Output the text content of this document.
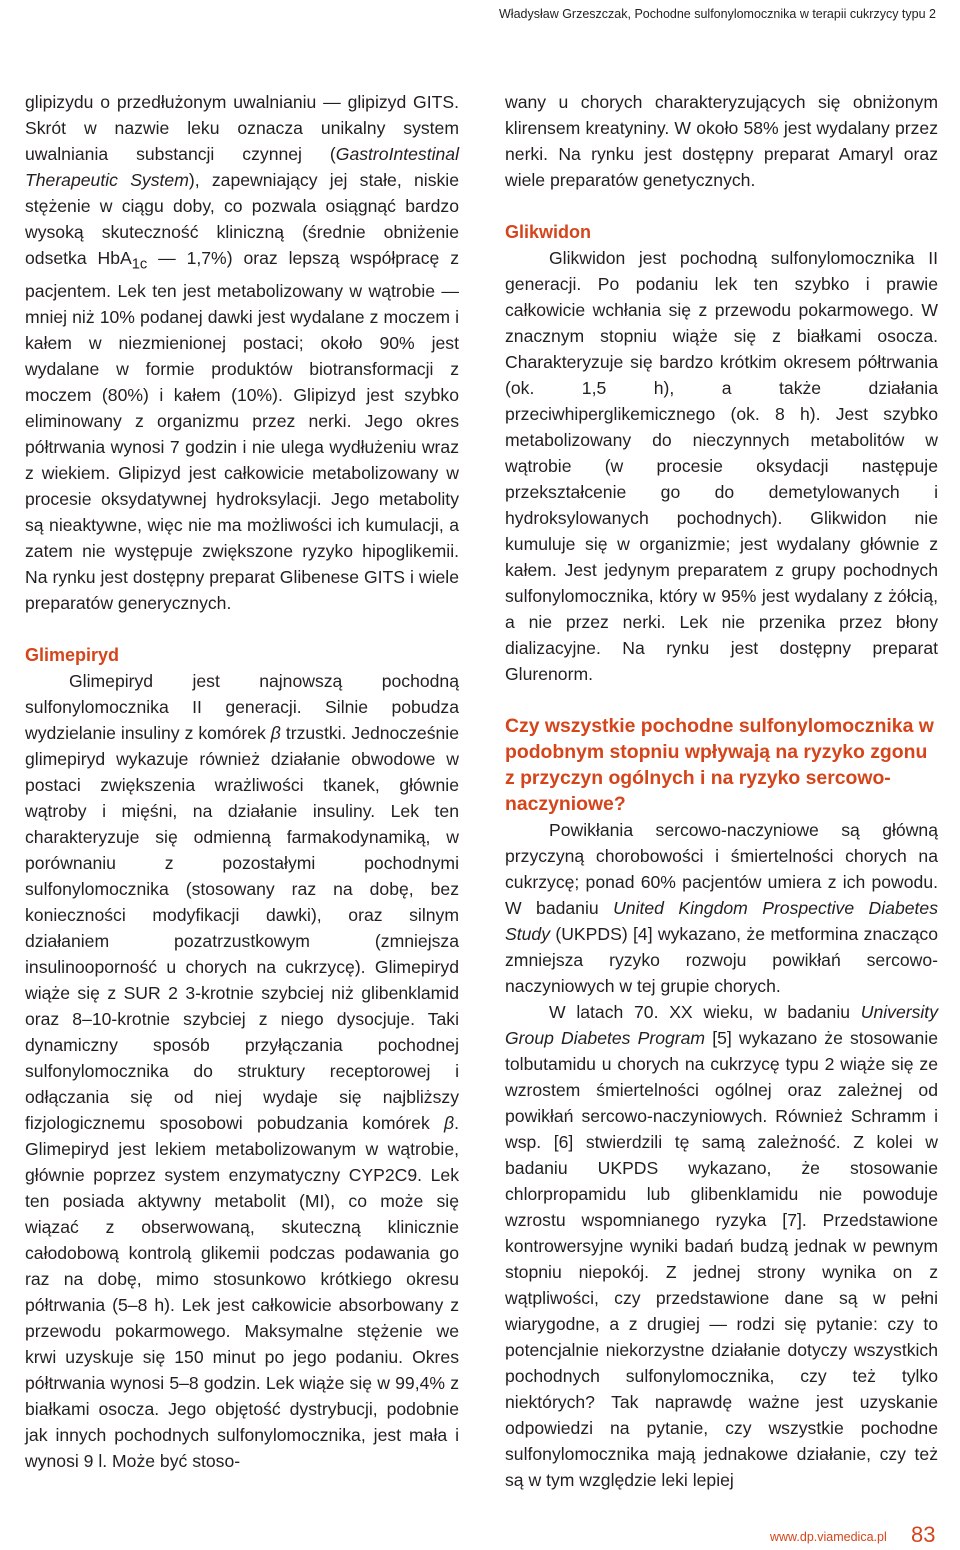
Władysław Grzeszczak, Pochodne sulfonylomocznika w terapii cukrzycy typu 2

glipizydu o przedłużonym uwalnianiu — glipizyd GITS. Skrót w nazwie leku oznacza unikalny system uwalniania substancji czynnej (GastroIntestinal Therapeutic System), zapewniający jej stałe, niskie stężenie w ciągu doby, co pozwala osiągnąć bardzo wysoką skuteczność kliniczną (średnie obniżenie odsetka HbA$_{1c}$ — 1,7%) oraz lepszą współpracę z pacjentem. Lek ten jest metabolizowany w wątrobie — mniej niż 10% podanej dawki jest wydalane z moczem i kałem w niezmienionej postaci; około 90% jest wydalane w formie produktów biotransformacji z moczem (80%) i kałem (10%). Glipizyd jest szybko eliminowany z organizmu przez nerki. Jego okres półtrwania wynosi 7 godzin i nie ulega wydłużeniu wraz z wiekiem. Glipizyd jest całkowicie metabolizowany w procesie oksydatywnej hydroksylacji. Jego metabolity są nieaktywne, więc nie ma możliwości ich kumulacji, a zatem nie występuje zwiększone ryzyko hipoglikemii. Na rynku jest dostępny preparat Glibenese GITS i wiele preparatów generycznych.

Glimepiryd

Glimepiryd jest najnowszą pochodną sulfonylomocznika II generacji. Silnie pobudza wydzielanie insuliny z komórek β trzustki. Jednocześnie glimepiryd wykazuje również działanie obwodowe w postaci zwiększenia wrażliwości tkanek, głównie wątroby i mięśni, na działanie insuliny. Lek ten charakteryzuje się odmienną farmakodynamiką, w porównaniu z pozostałymi pochodnymi sulfonylomocznika (stosowany raz na dobę, bez konieczności modyfikacji dawki), oraz silnym działaniem pozatrzustkowym (zmniejsza insulinooporność u chorych na cukrzycę). Glimepiryd wiąże się z SUR 2 3-krotnie szybciej niż glibenklamid oraz 8–10-krotnie szybciej z niego dysocjuje. Taki dynamiczny sposób przyłączania pochodnej sulfonylomocznika do struktury receptorowej i odłączania się od niej wydaje się najbliższy fizjologicznemu sposobowi pobudzania komórek β. Glimepiryd jest lekiem metabolizowanym w wątrobie, głównie poprzez system enzymatyczny CYP2C9. Lek ten posiada aktywny metabolit (MI), co może się wiązać z obserwowaną, skuteczną klinicznie całodobową kontrolą glikemii podczas podawania go raz na dobę, mimo stosunkowo krótkiego okresu półtrwania (5–8 h). Lek jest całkowicie absorbowany z przewodu pokarmowego. Maksymalne stężenie we krwi uzyskuje się 150 minut po jego podaniu. Okres półtrwania wynosi 5–8 godzin. Lek wiąże się w 99,4% z białkami osocza. Jego objętość dystrybucji, podobnie jak innych pochodnych sulfonylomocznika, jest mała i wynosi 9 l. Może być stoso-

wany u chorych charakteryzujących się obniżonym klirensem kreatyniny. W około 58% jest wydalany przez nerki. Na rynku jest dostępny preparat Amaryl oraz wiele preparatów genetycznych.

Glikwidon

Glikwidon jest pochodną sulfonylomocznika II generacji. Po podaniu lek ten szybko i prawie całkowicie wchłania się z przewodu pokarmowego. W znacznym stopniu wiąże się z białkami osocza. Charakteryzuje się bardzo krótkim okresem półtrwania (ok. 1,5 h), a także działania przeciwhiperglikemicznego (ok. 8 h). Jest szybko metabolizowany do nieczynnych metabolitów w wątrobie (w procesie oksydacji następuje przekształcenie go do demetylowanych i hydroksylowanych pochodnych). Glikwidon nie kumuluje się w organizmie; jest wydalany głównie z kałem. Jest jedynym preparatem z grupy pochodnych sulfonylomocznika, który w 95% jest wydalany z żółcią, a nie przez nerki. Lek nie przenika przez błony dializacyjne. Na rynku jest dostępny preparat Glurenorm.

Czy wszystkie pochodne sulfonylomocznika w podobnym stopniu wpływają na ryzyko zgonu z przyczyn ogólnych i na ryzyko sercowo-naczyniowe?

Powikłania sercowo-naczyniowe są główną przyczyną chorobowości i śmiertelności chorych na cukrzycę; ponad 60% pacjentów umiera z ich powodu. W badaniu United Kingdom Prospective Diabetes Study (UKPDS) [4] wykazano, że metformina znacząco zmniejsza ryzyko rozwoju powikłań sercowo-naczyniowych w tej grupie chorych.

W latach 70. XX wieku, w badaniu University Group Diabetes Program [5] wykazano że stosowanie tolbutamidu u chorych na cukrzycę typu 2 wiąże się ze wzrostem śmiertelności ogólnej oraz zależnej od powikłań sercowo-naczyniowych. Również Schramm i wsp. [6] stwierdzili tę samą zależność. Z kolei w badaniu UKPDS wykazano, że stosowanie chlorpropamidu lub glibenklamidu nie powoduje wzrostu wspomnianego ryzyka [7]. Przedstawione kontrowersyjne wyniki badań budzą jednak w pewnym stopniu niepokój. Z jednej strony wynika on z wątpliwości, czy przedstawione dane są w pełni wiarygodne, a z drugiej — rodzi się pytanie: czy to potencjalnie niekorzystne działanie dotyczy wszystkich pochodnych sulfonylomocznika, czy też tylko niektórych? Tak naprawdę ważne jest uzyskanie odpowiedzi na pytanie, czy wszystkie pochodne sulfonylomocznika mają jednakowe działanie, czy też są w tym względzie leki lepiej

www.dp.viamedica.pl 83
